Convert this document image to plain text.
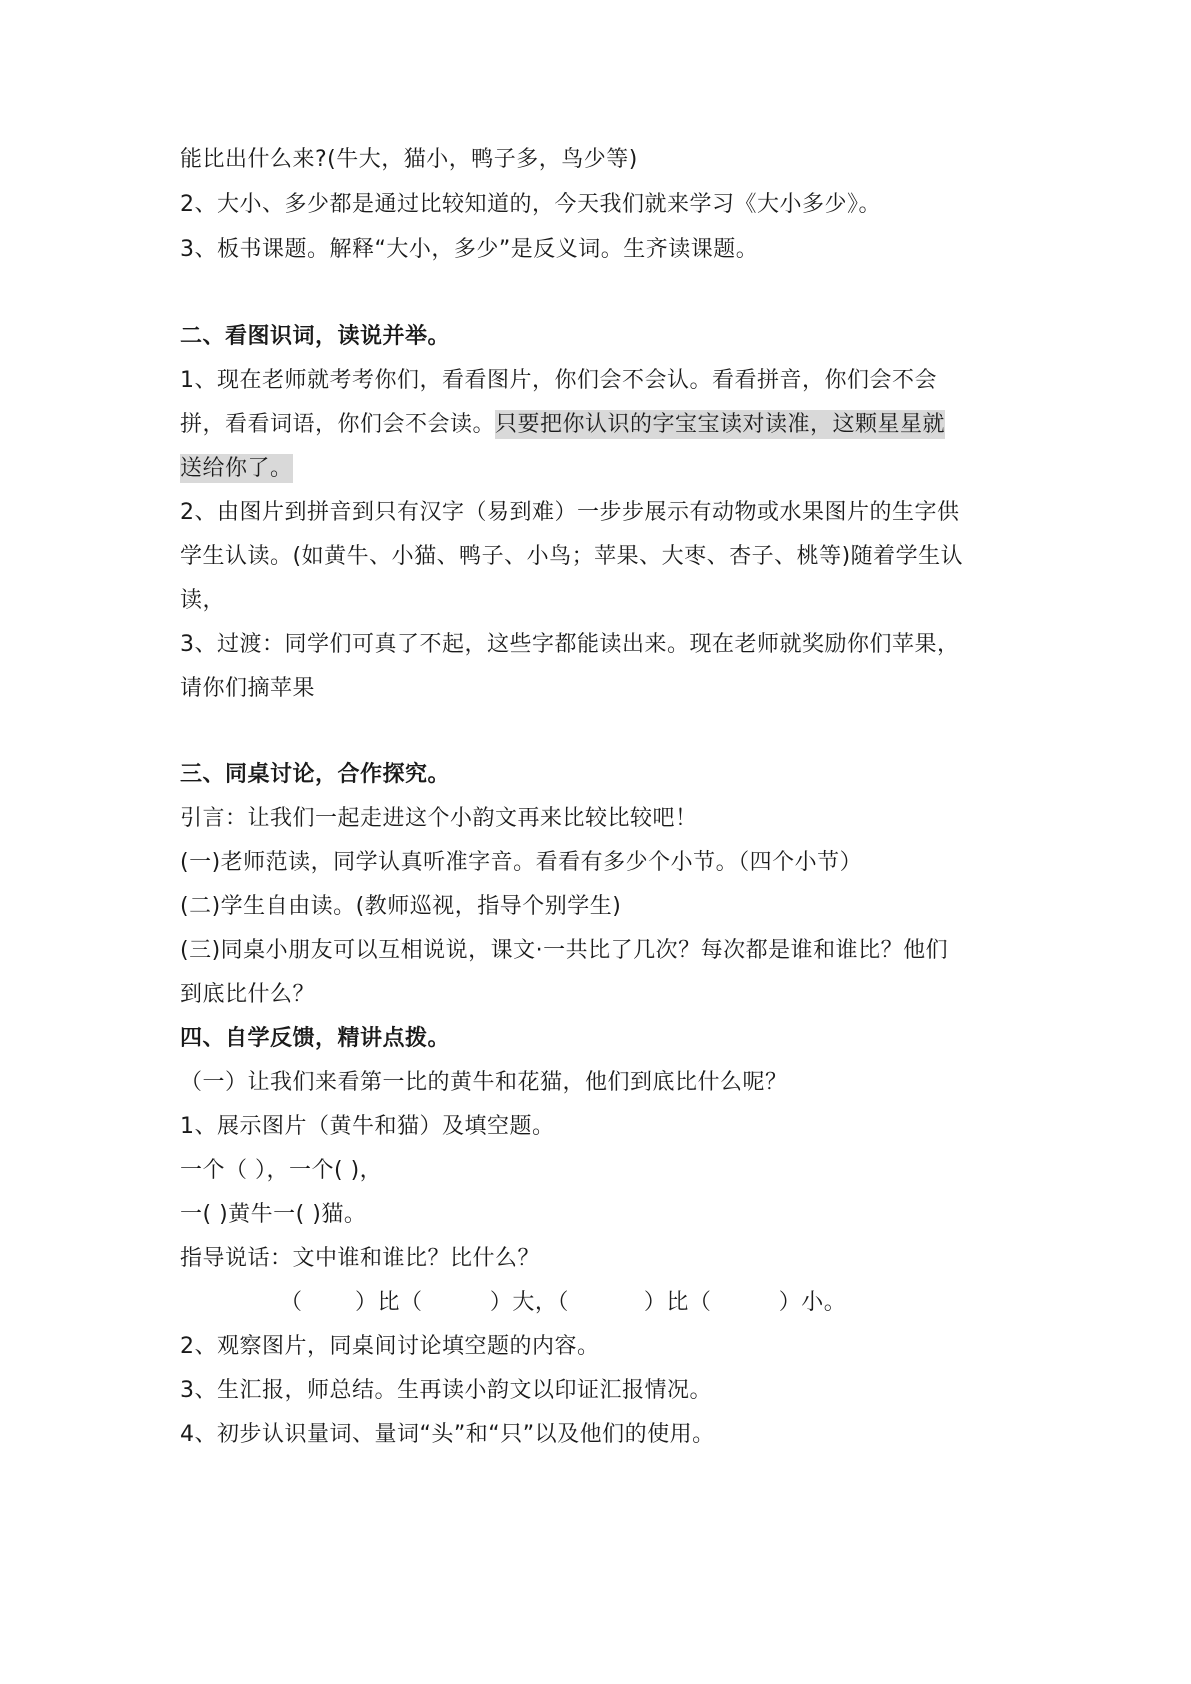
能比出什么来?(牛大，猫小，鸭子多，鸟少等)
2、大小、多少都是通过比较知道的，今天我们就来学习《大小多少》。
3、板书课题。解释“大小，多少”是反义词。生齐读课题。
二、看图识词，读说并举。
1、现在老师就考考你们，看看图片，你们会不会认。看看拼音，你们会不会
拼，看看词语，你们会不会读。只要把你认识的字宝宝读对读准，这颗星星就
送给你了。
2、由图片到拼音到只有汉字（易到难）一步步展示有动物或水果图片的生字供
学生认读。(如黄牛、小猫、鸭子、小鸟；苹果、大枣、杏子、桃等)随着学生认
读，
3、过渡：同学们可真了不起，这些字都能读出来。现在老师就奖励你们苹果，
请你们摘苹果
三、同桌讨论，合作探究。
引言：让我们一起走进这个小韵文再来比较比较吧！
(一)老师范读，同学认真听准字音。看看有多少个小节。（四个小节）
(二)学生自由读。(教师巡视，指导个别学生)
(三)同桌小朋友可以互相说说，课文·一共比了几次？每次都是谁和谁比？他们
到底比什么？
四、自学反馈，精讲点拨。
（一）让我们来看第一比的黄牛和花猫，他们到底比什么呢？
1、展示图片（黄牛和猫）及填空题。
一个（ ），一个( )，
一( )黄牛一( )猫。
指导说话：文中谁和谁比？比什么？
（       ）比（         ）大，（          ）比（         ）小。
2、观察图片，同桌间讨论填空题的内容。
3、生汇报，师总结。生再读小韵文以印证汇报情况。
4、初步认识量词、量词“头”和“只”以及他们的使用。
